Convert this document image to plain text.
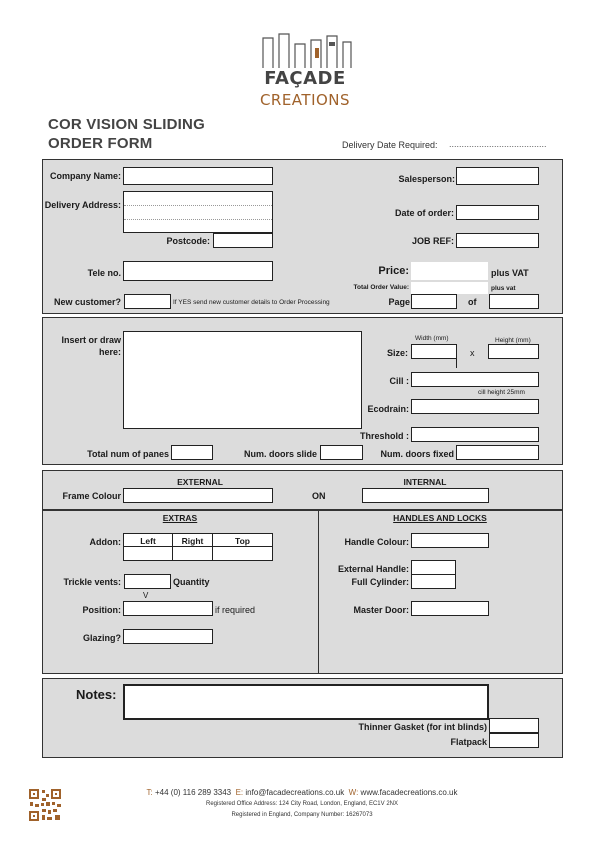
FAÇADE
CREATIONS
COR VISION SLIDING
ORDER FORM	Delivery Date Required: .......................................
Company Name:
Delivery Address:
Postcode:
Tele no.
New customer?	If YES send new customer details to Order Processing
Salesperson:
Date of order:
JOB REF:
Price:	plus VAT
Total Order Value:	plus vat
Page	of
Insert or draw
here:
Width (mm)	Height (mm)
Size:	x
Cill :
cill height 25mm
Ecodrain:
Threshold :
Total num of panes	Num. doors slide	Num. doors fixed
EXTERNAL	INTERNAL
Frame Colour	ON
EXTRAS	HANDLES AND LOCKS
Addon:	Left	Right	Top
Trickle vents:	Quantity
V
Position:	if required
Glazing?
Handle Colour:
External Handle:
Full Cylinder:
Master Door:
Notes:
Thinner Gasket (for int blinds)
Flatpack
T: +44 (0) 116 289 3343 E: info@facadecreations.co.uk W: www.facadecreations.co.uk
Registered Office Address: 124 City Road, London, England, EC1V 2NX
Registered in England, Company Number: 16267073
